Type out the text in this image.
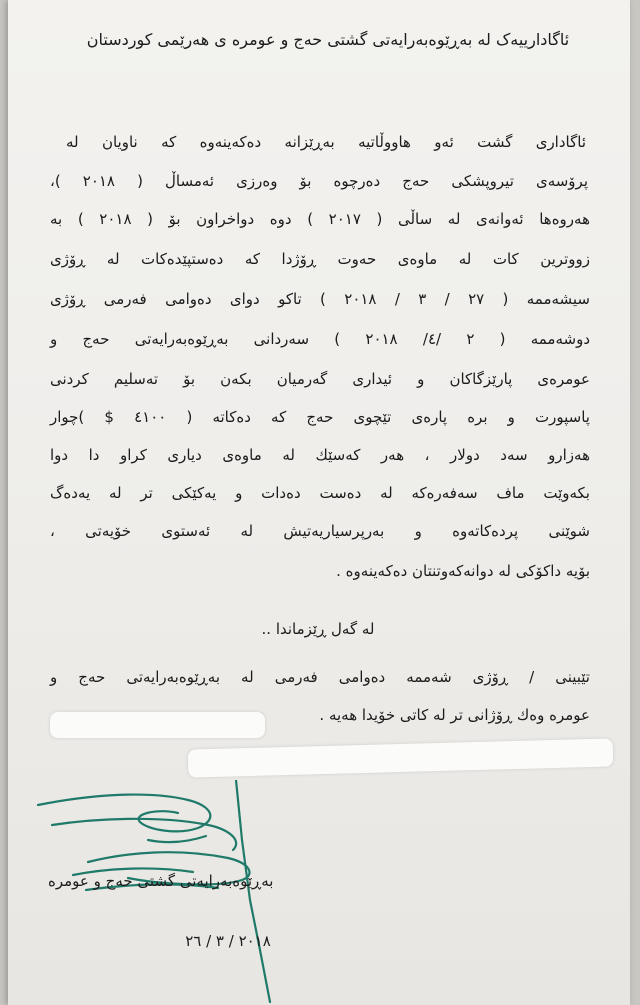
ئاگادارییەک لە بەڕێوەبەرایەتی گشتی حەج و عومرە ی هەرێمی کوردستان
ئاگاداری گشت ئەو هاووڵاتیە بەڕێزانە دەکەینەوە کە ناویان لە
پرۆسەی تیروپشکی حەج دەرچوە بۆ وەرزی ئەمساڵ ( ٢٠١٨ )،
هەروەها ئەوانەی لە ساڵی ( ٢٠١٧ ) دوە دواخراون بۆ ( ٢٠١٨ ) بە
زووترین کات لە ماوەی حەوت ڕۆژدا کە دەستپێدەکات لە ڕۆژی
سیشەممە ( ٢٧ / ٣ / ٢٠١٨ ) تاکو دوای دەوامی فەرمی ڕۆژی
دوشەممە ( ٢ /٤/ ٢٠١٨ ) سەردانی بەڕێوەبەرایەتی حەج و
عومرەی پارێزگاکان و ئیداری گەرمیان بکەن بۆ تەسلیم کردنی
پاسپورت و برە پارەی تێچوی حەج کە دەکاتە ( ٤١٠٠ $ )چوار
هەزارو سەد دولار ، هەر کەسێك لە ماوەی دیاری کراو دا دوا
بکەوێت ماف سەفەرەکە لە دەست دەدات و یەکێکی تر لە یەدەگ
شوێنی پردەکاتەوە و بەرپرسیاریەتیش لە ئەستوی خۆیەتی ،
بۆیە داکۆکی لە دوانەکەوتنتان دەکەینەوە .
لە گەل ڕێزماندا ..
تێبینی / ڕۆژی شەممە دەوامی فەرمی لە بەڕێوەبەرایەتی حەج و
عومرە وەك ڕۆژانی تر لە کاتی خۆیدا هەیە .
بەڕێوەبەرایەتی گشتی حەج و عومرە
٢٠١٨ / ٣ / ٢٦
